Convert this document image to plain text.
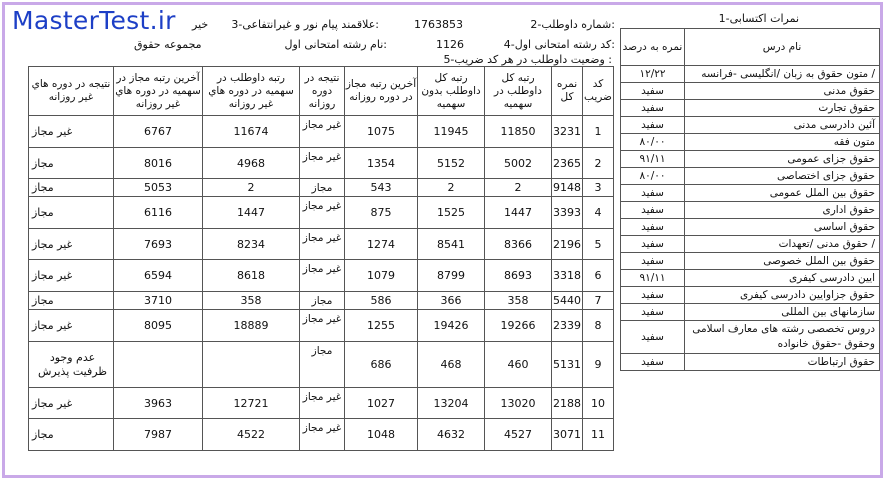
MasterTest.ir	1-نمرات اكتسابی
2-شماره داوطلب:
1763853
3-علاقمند پیام نور و غیرانتفاعی:
خیر
4-كد رشته امتحانی اول:
1126
نام رشته امتحانی اول:
مجموعه حقوق
5-وضعیت داوطلب در هر كد ضریب :
نام درس	نمره به درصد
/ متون حقوق به زبان /انگلیسی -فرانسه	۱۲/۲۲
حقوق مدنی	سفید
حقوق تجارت	سفید
آئین دادرسی مدنی	سفید
متون فقه	۸۰/۰۰
حقوق جزای عمومی	۹۱/۱۱
حقوق جزای اختصاصی	۸۰/۰۰
حقوق بین الملل عمومی	سفید
حقوق اداری	سفید
حقوق اساسی	سفید
/ حقوق مدنی /تعهدات	سفید
حقوق بین الملل خصوصی	سفید
ایین دادرسی کیفری	۹۱/۱۱
حقوق جزاوایین دادرسی کیفری	سفید
سازمانهای بین المللی	سفید
دروس تخصصی رشته های معارف اسلامی وحقوق -حقوق خانواده	سفید
حقوق ارتباطات	سفید
كد ضریب	نمره كل	رتبه كل داوطلب در سهمیه	رتبه كل داوطلب بدون سهمیه	آخرین رتبه مجاز در دوره روزانه	نتیجه در دوره روزانه	رتبه داوطلب در سهمیه در دوره هاي غیر روزانه	آخرین رتبه مجاز در سهمیه در دوره هاي غیر روزانه	نتیجه در دوره هاي غیر روزانه
1	3231	11850	11945	1075	غیر مجاز	11674	6767	غیر مجاز
2	2365	5002	5152	1354	غیر مجاز	4968	8016	مجاز
3	9148	2	2	543	مجاز	2	5053	مجاز
4	3393	1447	1525	875	غیر مجاز	1447	6116	مجاز
5	2196	8366	8541	1274	غیر مجاز	8234	7693	غیر مجاز
6	3318	8693	8799	1079	غیر مجاز	8618	6594	غیر مجاز
7	5440	358	366	586	مجاز	358	3710	مجاز
8	2339	19266	19426	1255	غیر مجاز	18889	8095	غیر مجاز
9	5131	460	468	686	مجاز			عدم وجود ظرفیت پذیرش
10	2188	13020	13204	1027	غیر مجاز	12721	3963	غیر مجاز
11	3071	4527	4632	1048	غیر مجاز	4522	7987	مجاز
